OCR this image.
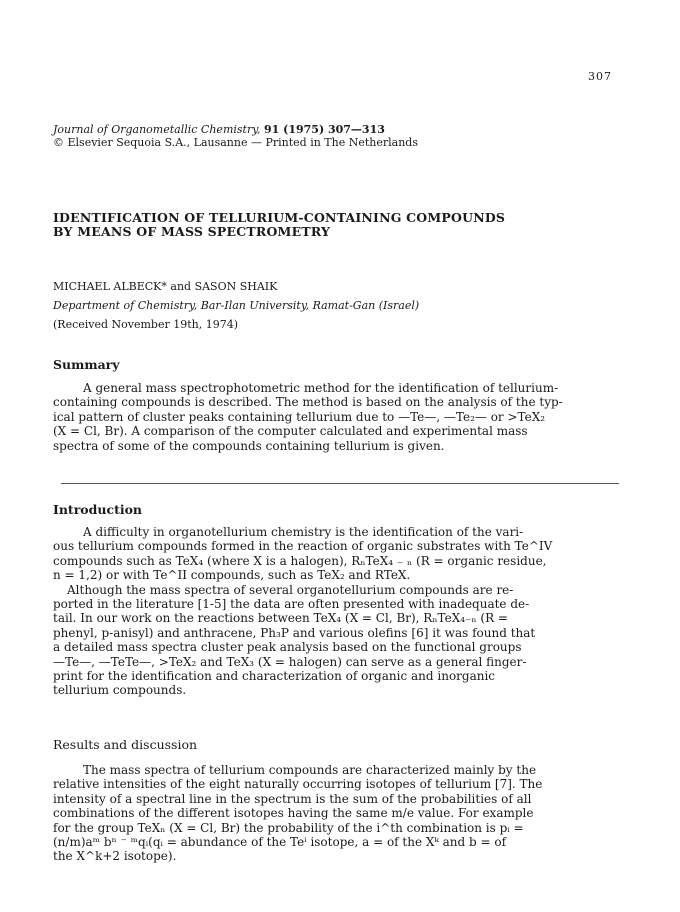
307
Journal of Organometallic Chemistry, 91 (1975) 307—313
© Elsevier Sequoia S.A., Lausanne — Printed in The Netherlands
IDENTIFICATION OF TELLURIUM-CONTAINING COMPOUNDS
BY MEANS OF MASS SPECTROMETRY
MICHAEL ALBECK* and SASON SHAIK
Department of Chemistry, Bar-Ilan University, Ramat-Gan (Israel)
(Received November 19th, 1974)
Summary
A general mass spectrophotometric method for the identification of tellurium-
containing compounds is described. The method is based on the analysis of the typ-
ical pattern of cluster peaks containing tellurium due to —Te—, —Te₂— or >TeX₂
(X = Cl, Br). A comparison of the computer calculated and experimental mass
spectra of some of the compounds containing tellurium is given.
Introduction
A difficulty in organotellurium chemistry is the identification of the vari-
ous tellurium compounds formed in the reaction of organic substrates with Te^IV
compounds such as TeX₄ (where X is a halogen), RₙTeX₄ ₋ ₙ (R = organic residue,
n = 1,2) or with Te^II compounds, such as TeX₂ and RTeX.
Although the mass spectra of several organotellurium compounds are re-
ported in the literature [1-5] the data are often presented with inadequate de-
tail. In our work on the reactions between TeX₄ (X = Cl, Br), RₙTeX₄₋ₙ (R =
phenyl, p-anisyl) and anthracene, Ph₃P and various olefins [6] it was found that
a detailed mass spectra cluster peak analysis based on the functional groups
—Te—, —TeTe—, >TeX₂ and TeX₃ (X = halogen) can serve as a general finger-
print for the identification and characterization of organic and inorganic
tellurium compounds.
Results and discussion
The mass spectra of tellurium compounds are characterized mainly by the
relative intensities of the eight naturally occurring isotopes of tellurium [7]. The
intensity of a spectral line in the spectrum is the sum of the probabilities of all
combinations of the different isotopes having the same m/e value. For example
for the group TeXₙ (X = Cl, Br) the probability of the i^th combination is pᵢ =
(n/m)aᵐ bⁿ ⁻ ᵐqᵢ(qᵢ = abundance of the Teⁱ isotope, a = of the Xᵏ and b = of
the X^k+2 isotope).
